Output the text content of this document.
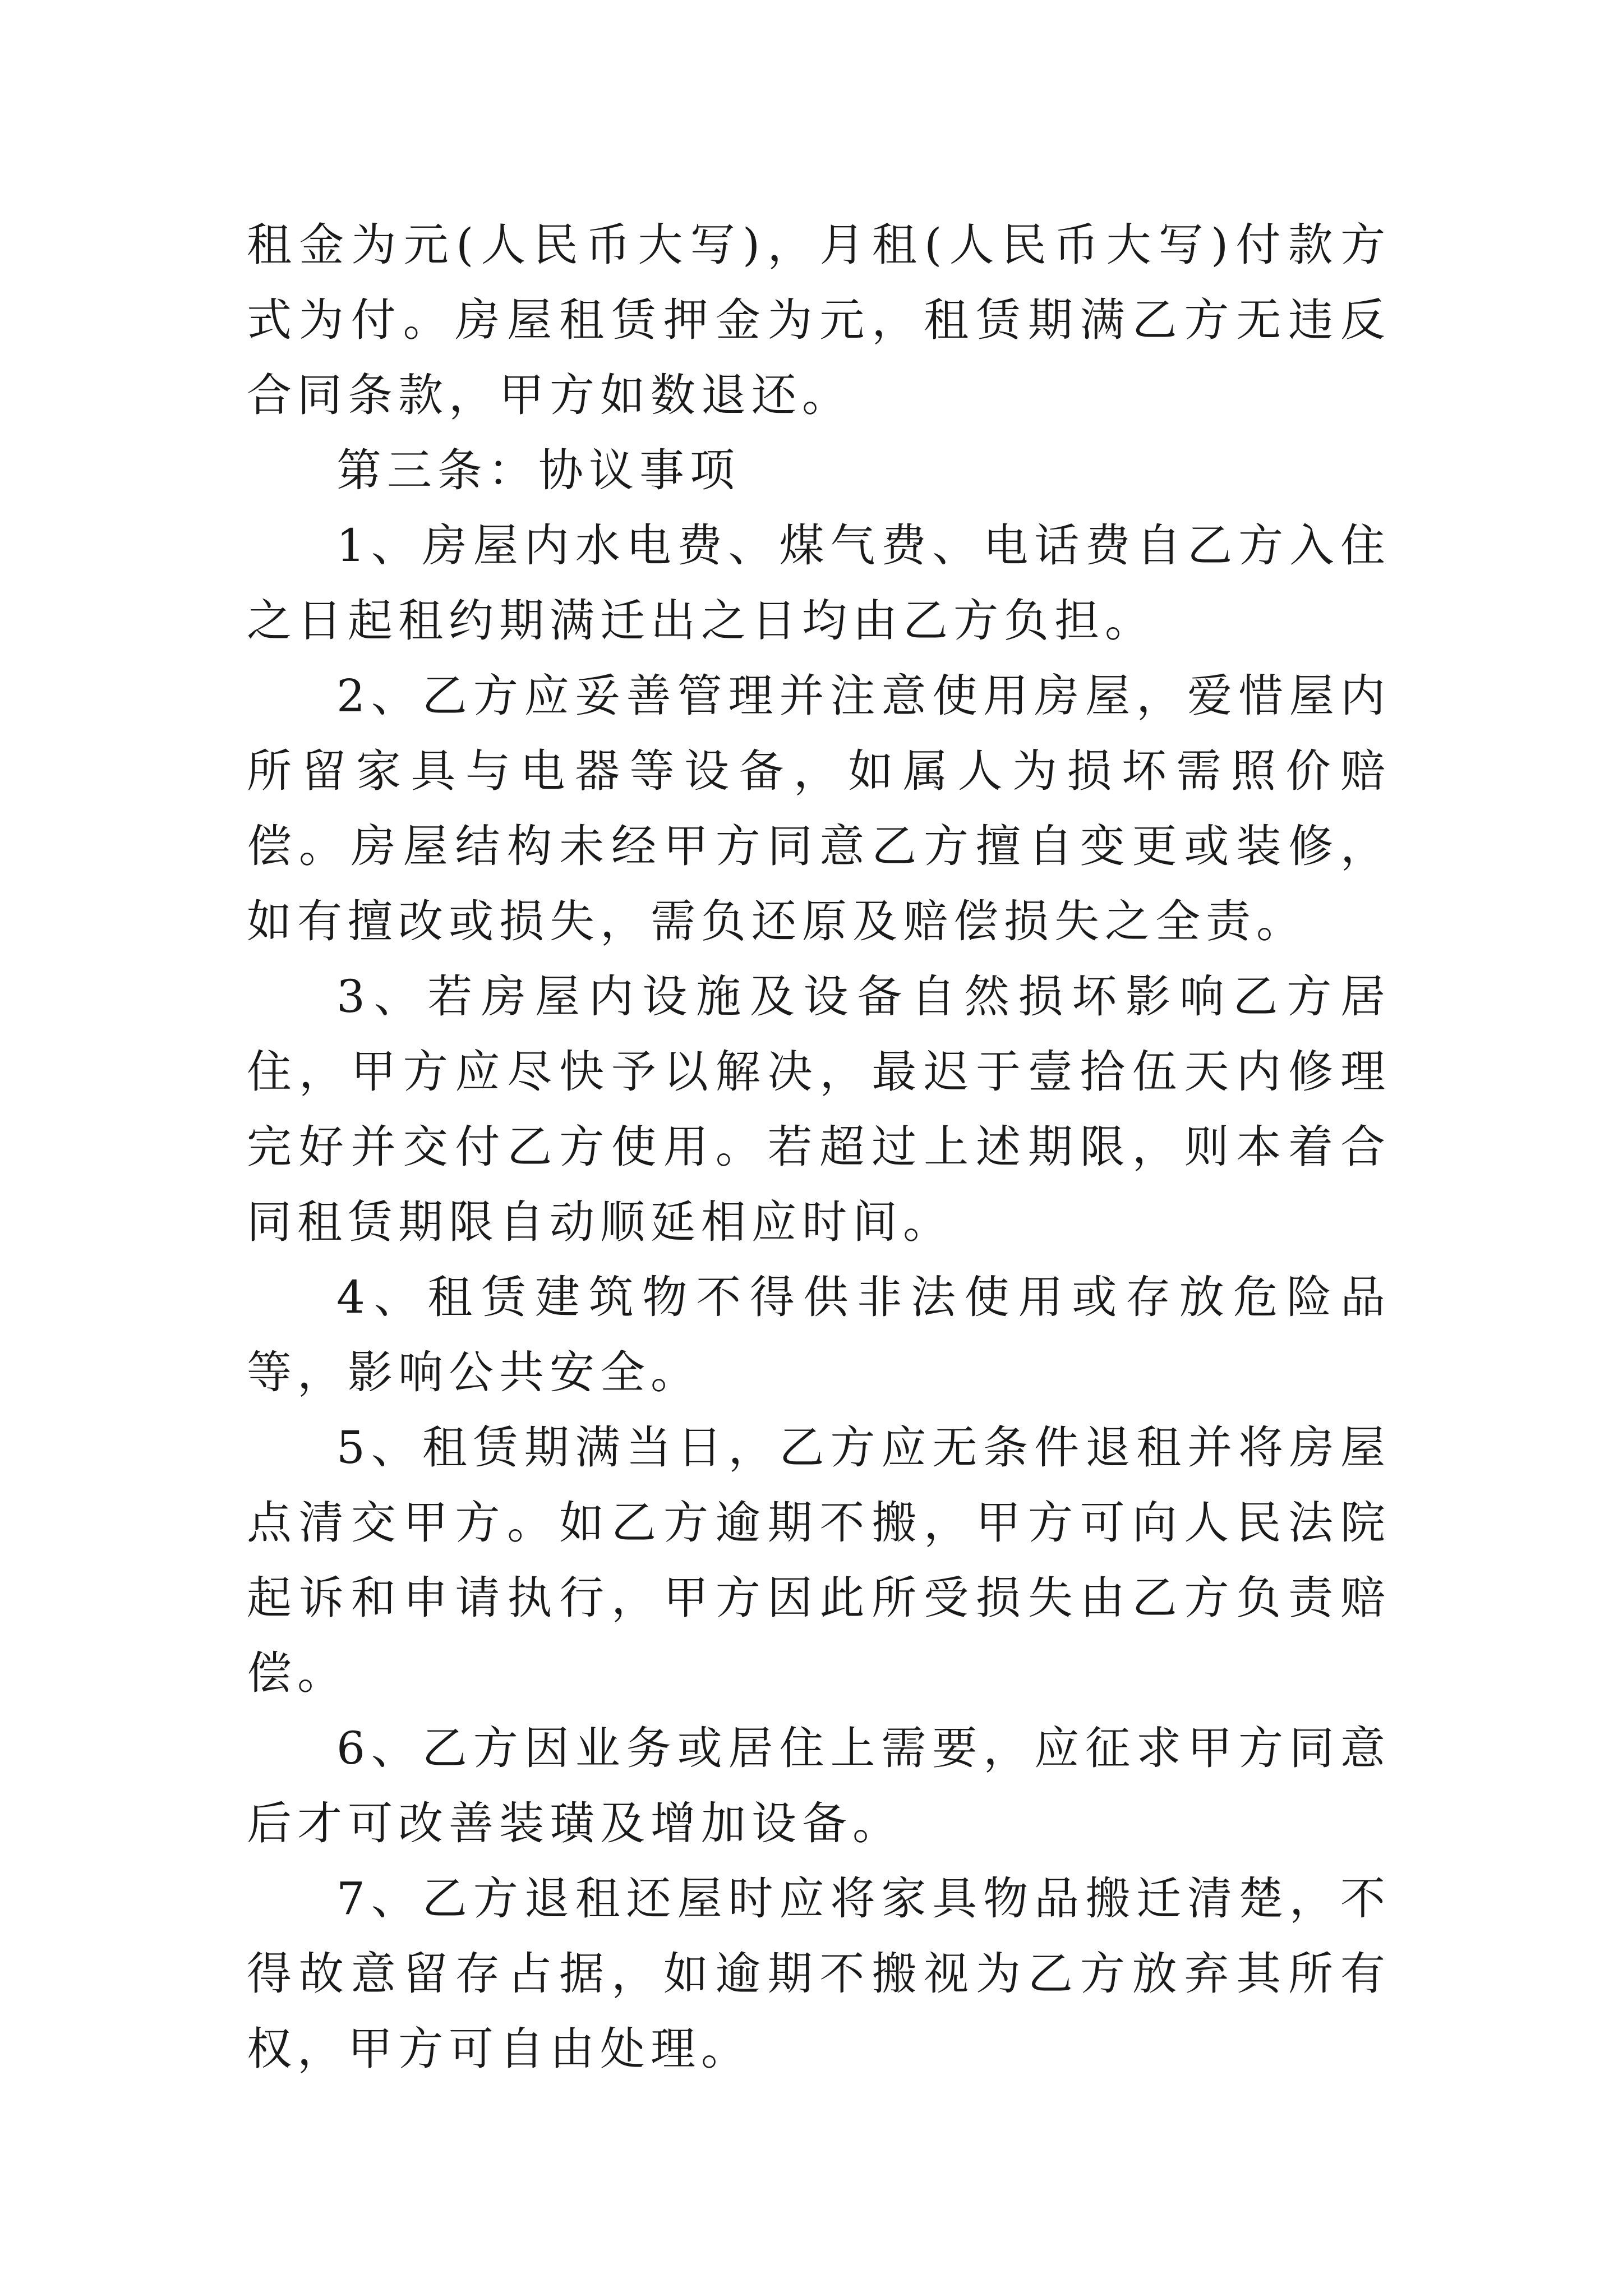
租金为元(人民币大写)，月租(人民币大写)付款方式为付。房屋租赁押金为元，租赁期满乙方无违反合同条款，甲方如数退还。

第三条：协议事项

1、房屋内水电费、煤气费、电话费自乙方入住之日起租约期满迁出之日均由乙方负担。

2、乙方应妥善管理并注意使用房屋，爱惜屋内所留家具与电器等设备，如属人为损坏需照价赔偿。房屋结构未经甲方同意乙方擅自变更或装修，如有擅改或损失，需负还原及赔偿损失之全责。

3、若房屋内设施及设备自然损坏影响乙方居住，甲方应尽快予以解决，最迟于壹拾伍天内修理完好并交付乙方使用。若超过上述期限，则本着合同租赁期限自动顺延相应时间。

4、租赁建筑物不得供非法使用或存放危险品等，影响公共安全。

5、租赁期满当日，乙方应无条件退租并将房屋点清交甲方。如乙方逾期不搬，甲方可向人民法院起诉和申请执行，甲方因此所受损失由乙方负责赔偿。

6、乙方因业务或居住上需要，应征求甲方同意后才可改善装璜及增加设备。

7、乙方退租还屋时应将家具物品搬迁清楚，不得故意留存占据，如逾期不搬视为乙方放弃其所有权，甲方可自由处理。
